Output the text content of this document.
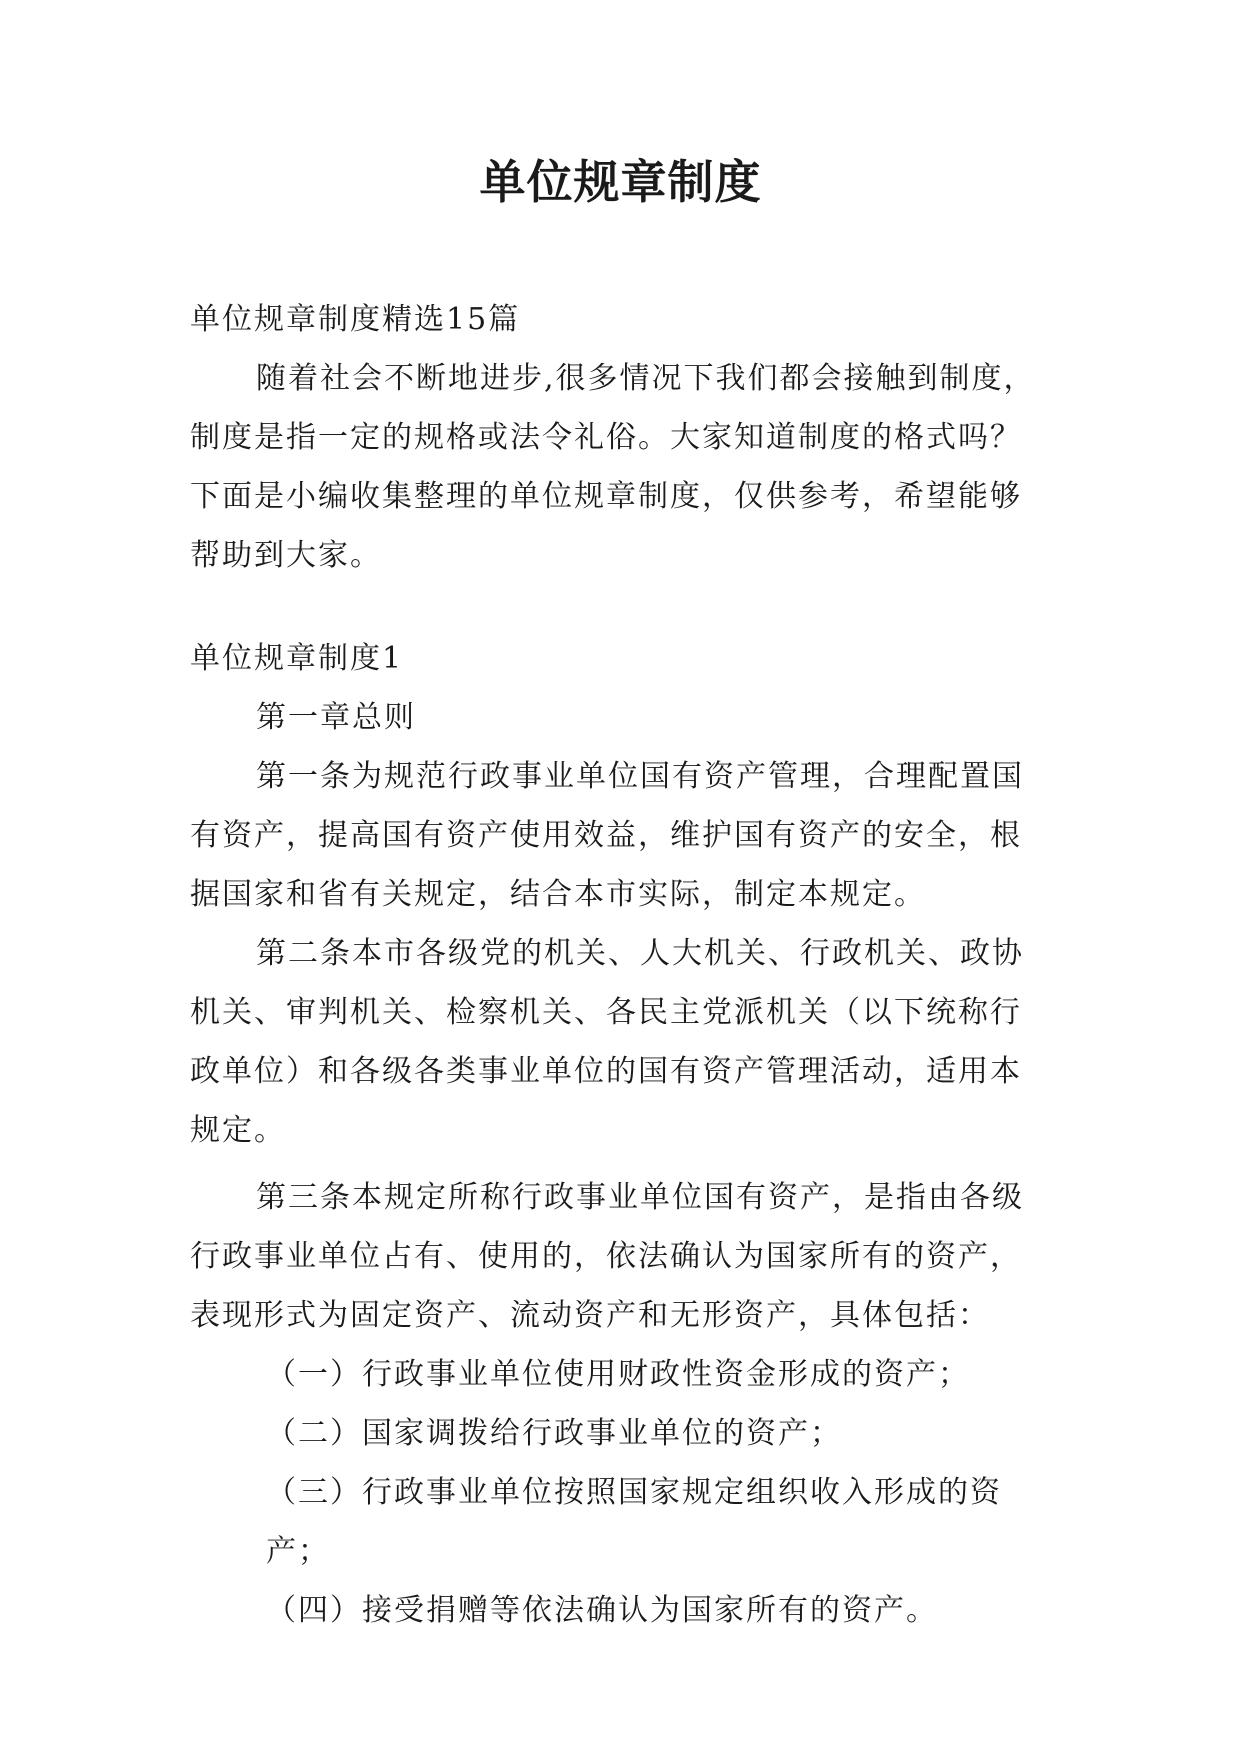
单位规章制度

单位规章制度精选15篇

随着社会不断地进步,很多情况下我们都会接触到制度，制度是指一定的规格或法令礼俗。大家知道制度的格式吗？下面是小编收集整理的单位规章制度，仅供参考，希望能够帮助到大家。

单位规章制度1

第一章总则

第一条为规范行政事业单位国有资产管理，合理配置国有资产，提高国有资产使用效益，维护国有资产的安全，根据国家和省有关规定，结合本市实际，制定本规定。

第二条本市各级党的机关、人大机关、行政机关、政协机关、审判机关、检察机关、各民主党派机关（以下统称行政单位）和各级各类事业单位的国有资产管理活动，适用本规定。

第三条本规定所称行政事业单位国有资产，是指由各级行政事业单位占有、使用的，依法确认为国家所有的资产，表现形式为固定资产、流动资产和无形资产，具体包括：

（一）行政事业单位使用财政性资金形成的资产；

（二）国家调拨给行政事业单位的资产；

（三）行政事业单位按照国家规定组织收入形成的资产；

（四）接受捐赠等依法确认为国家所有的资产。
